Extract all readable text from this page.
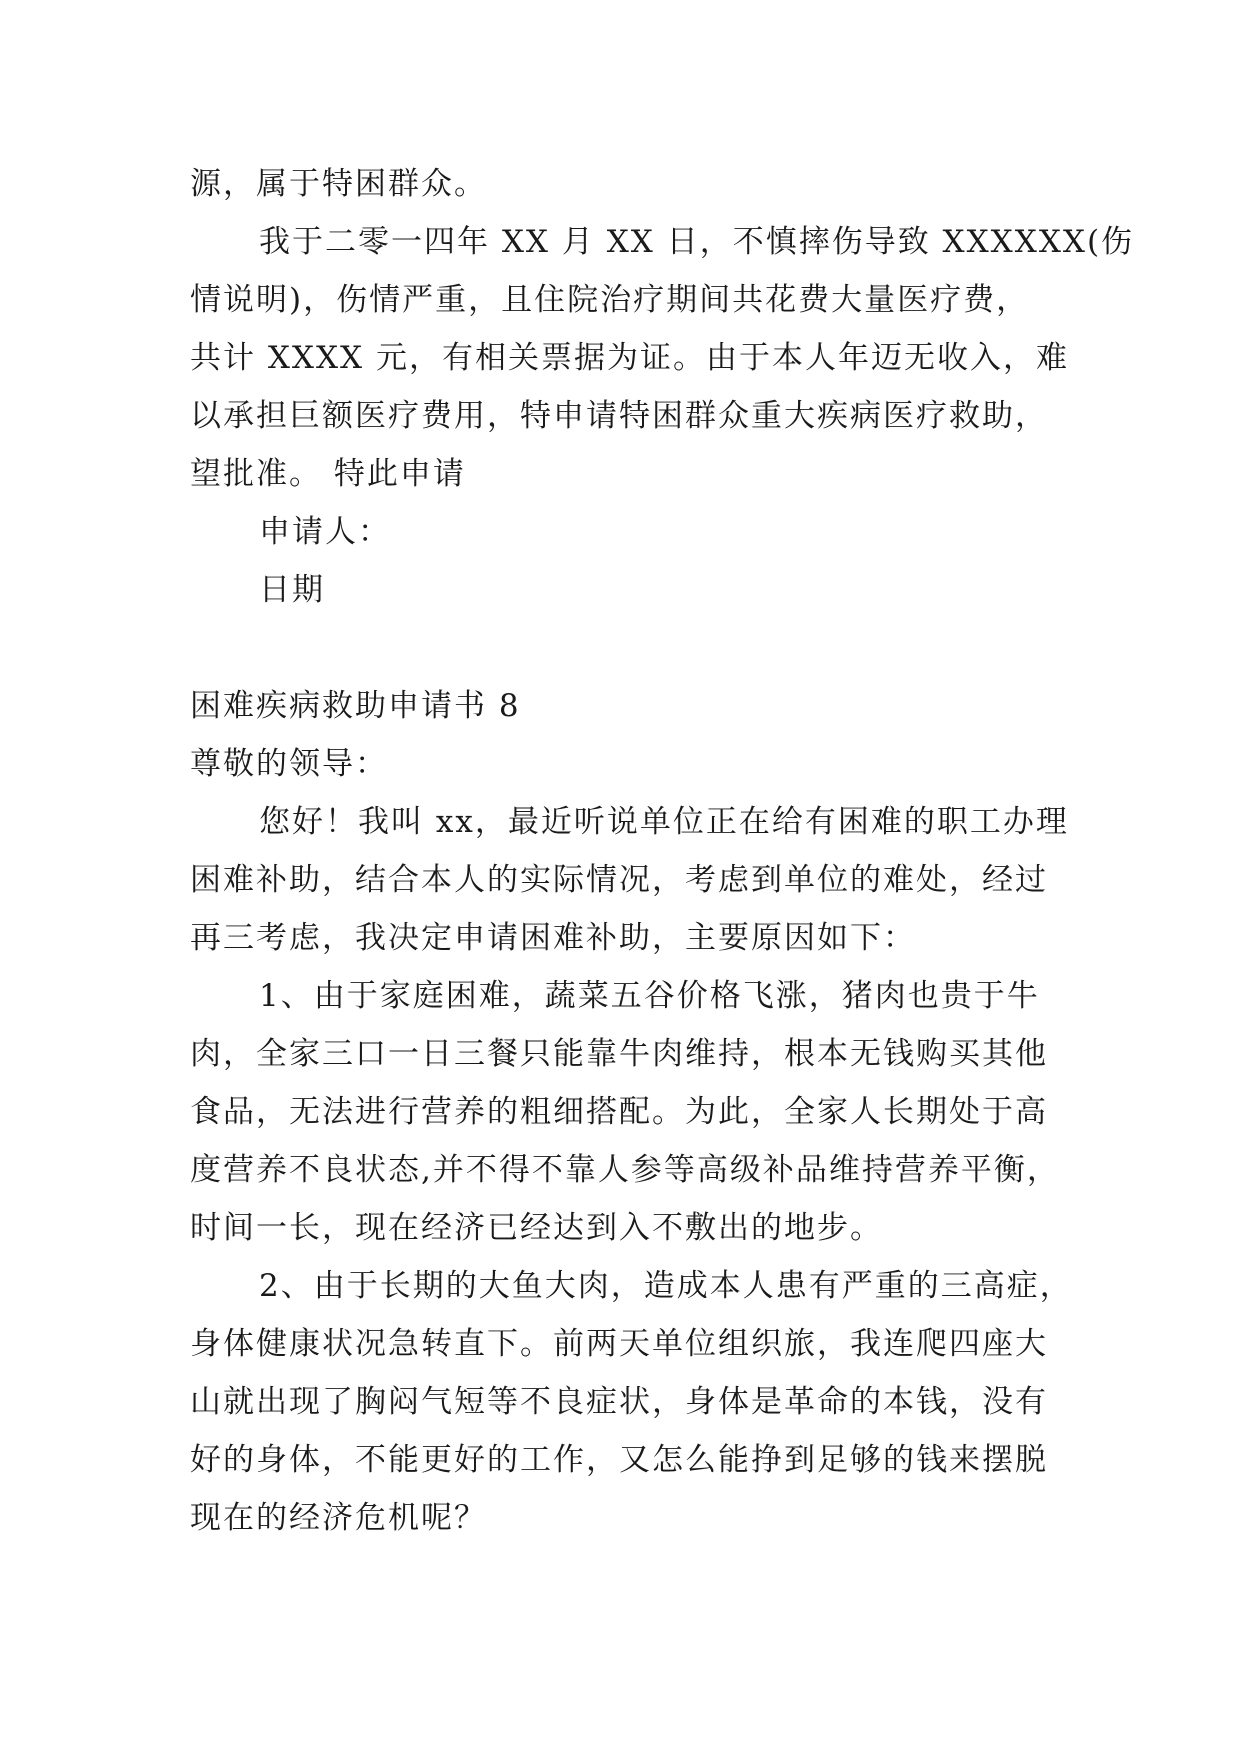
源，属于特困群众。
我于二零一四年 XX 月 XX 日，不慎摔伤导致 XXXXXX(伤
情说明)，伤情严重，且住院治疗期间共花费大量医疗费，
共计 XXXX 元，有相关票据为证。由于本人年迈无收入，难
以承担巨额医疗费用，特申请特困群众重大疾病医疗救助，
望批准。 特此申请
申请人：
日期
困难疾病救助申请书 8
尊敬的领导：
您好！我叫 xx，最近听说单位正在给有困难的职工办理
困难补助，结合本人的实际情况，考虑到单位的难处，经过
再三考虑，我决定申请困难补助，主要原因如下：
1、由于家庭困难，蔬菜五谷价格飞涨，猪肉也贵于牛
肉，全家三口一日三餐只能靠牛肉维持，根本无钱购买其他
食品，无法进行营养的粗细搭配。为此，全家人长期处于高
度营养不良状态,并不得不靠人参等高级补品维持营养平衡，
时间一长，现在经济已经达到入不敷出的地步。
2、由于长期的大鱼大肉，造成本人患有严重的三高症，
身体健康状况急转直下。前两天单位组织旅，我连爬四座大
山就出现了胸闷气短等不良症状，身体是革命的本钱，没有
好的身体，不能更好的工作，又怎么能挣到足够的钱来摆脱
现在的经济危机呢？
